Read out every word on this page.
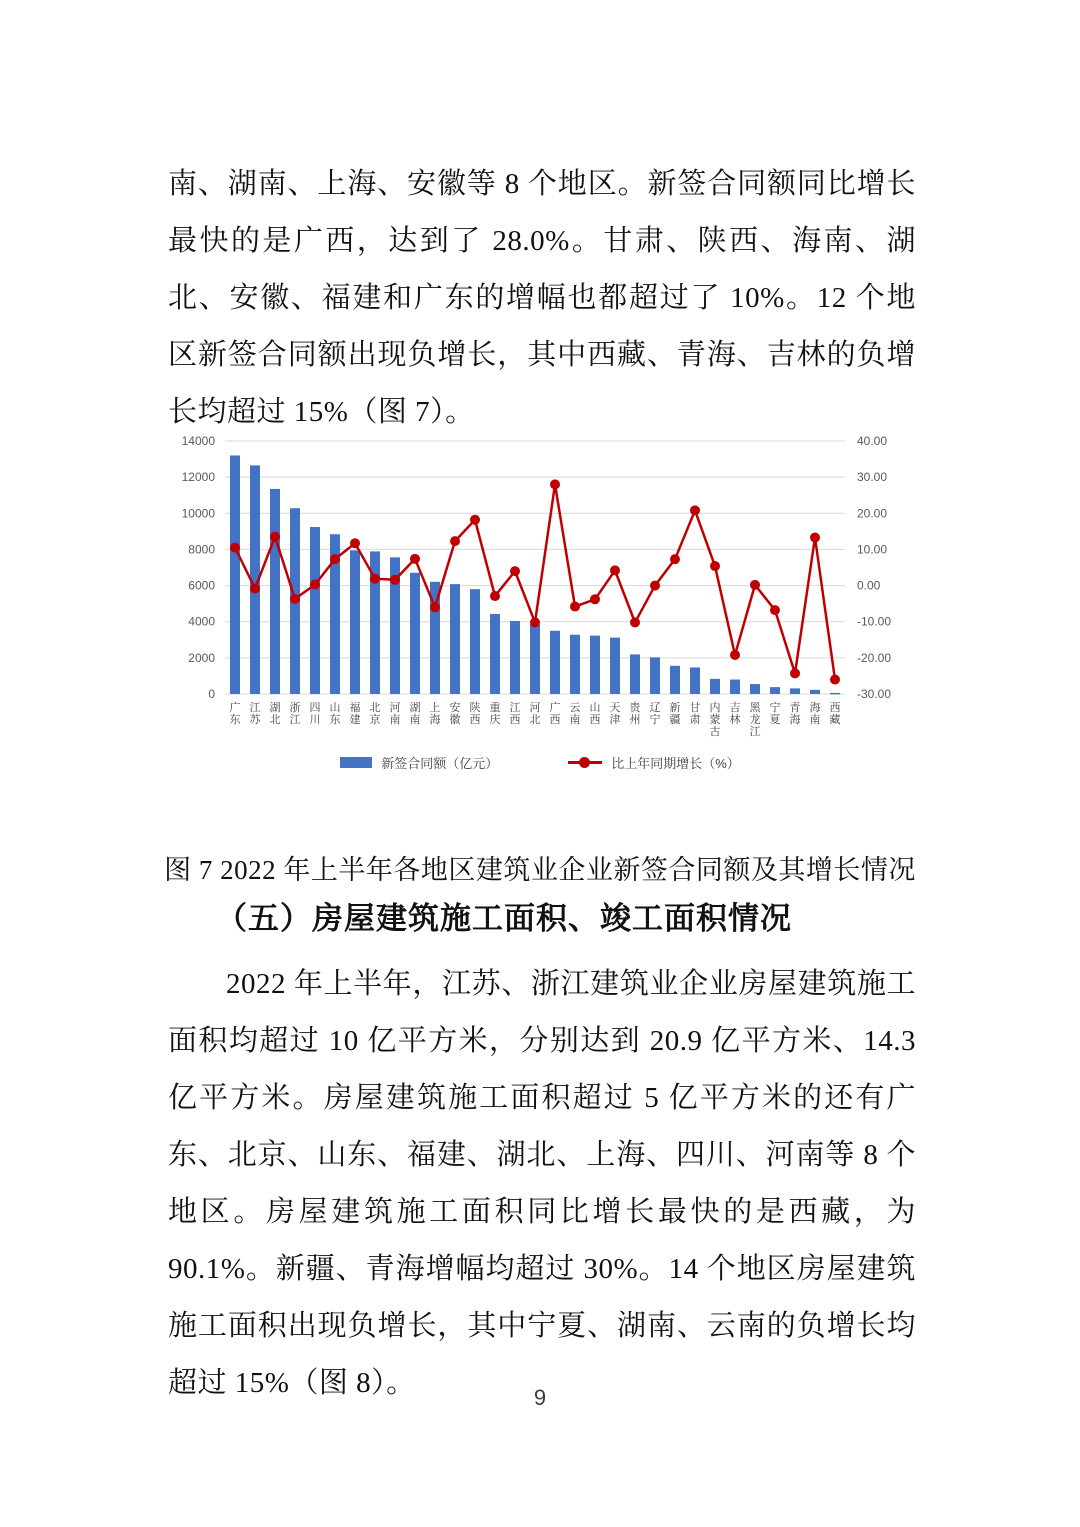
南、湖南、上海、安徽等 8 个地区。新签合同额同比增长最快的是广西，达到了 28.0%。甘肃、陕西、海南、湖北、安徽、福建和广东的增幅也都超过了 10%。12 个地区新签合同额出现负增长，其中西藏、青海、吉林的负增长均超过 15%（图 7）。

14000	40.00
12000	30.00
10000	20.00
8000	10.00
6000	0.00
4000	-10.00
2000	-20.00
0	-30.00
广东
江苏
湖北
浙江
四川
山东
福建
北京
河南
湖南
上海
安徽
陕西
重庆
江西
河北
广西
云南
山西
天津
贵州
辽宁
新疆
甘肃
内蒙古
吉林
黑龙江
宁夏
青海
海南
西藏
新签合同额（亿元）	比上年同期增长（%）

图 7 2022 年上半年各地区建筑业企业新签合同额及其增长情况

（五）房屋建筑施工面积、竣工面积情况

2022 年上半年，江苏、浙江建筑业企业房屋建筑施工面积均超过 10 亿平方米，分别达到 20.9 亿平方米、14.3 亿平方米。房屋建筑施工面积超过 5 亿平方米的还有广东、北京、山东、福建、湖北、上海、四川、河南等 8 个地区。房屋建筑施工面积同比增长最快的是西藏，为 90.1%。新疆、青海增幅均超过 30%。14 个地区房屋建筑施工面积出现负增长，其中宁夏、湖南、云南的负增长均超过 15%（图 8）。	9
